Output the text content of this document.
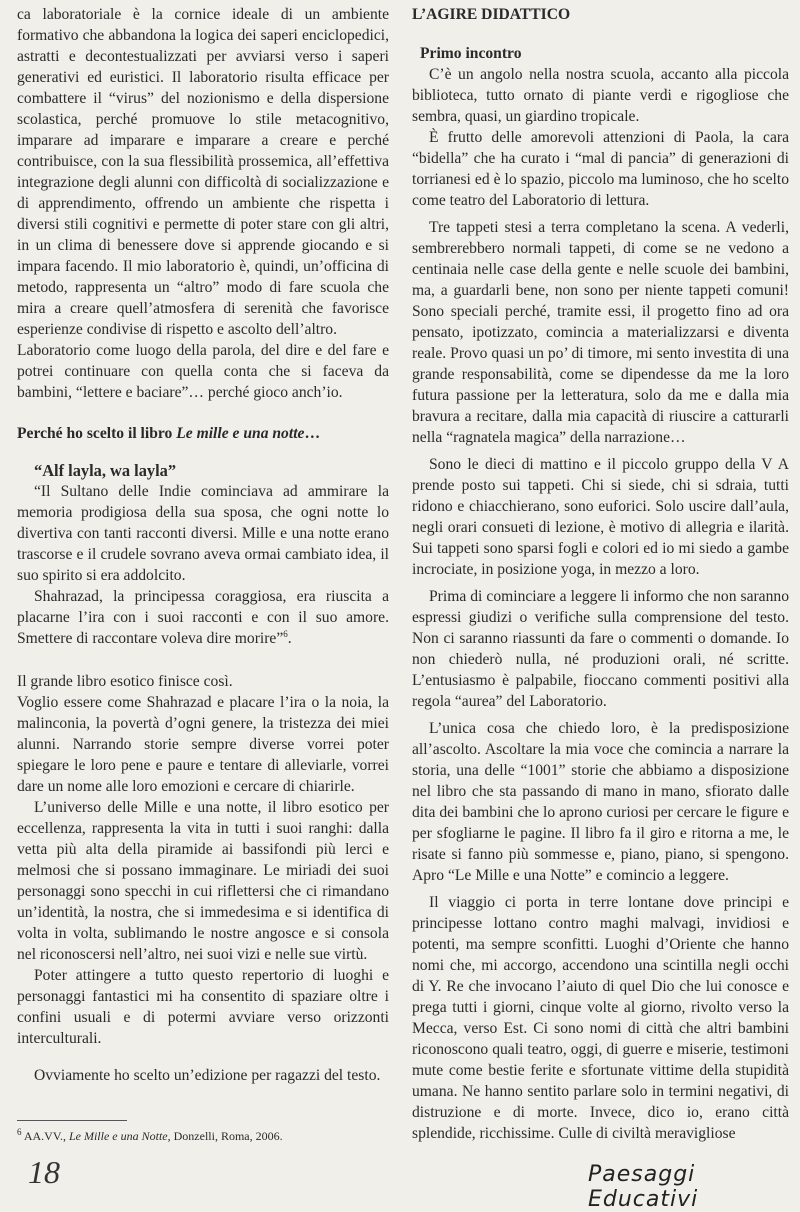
ca laboratoriale è la cornice ideale di un ambiente formativo che abbandona la logica dei saperi enciclopedici, astratti e decontestualizzati per avviarsi verso i saperi generativi ed euristici. Il laboratorio risulta efficace per combattere il “virus” del nozionismo e della dispersione scolastica, perché promuove lo stile metacognitivo, imparare ad imparare e imparare a creare e perché contribuisce, con la sua flessibilità prossemica, all’effettiva integrazione degli alunni con difficoltà di socializzazione e di apprendimento, offrendo un ambiente che rispetta i diversi stili cognitivi e permette di poter stare con gli altri, in un clima di benessere dove si apprende giocando e si impara facendo. Il mio laboratorio è, quindi, un’officina di metodo, rappresenta un “altro” modo di fare scuola che mira a creare quell’atmosfera di serenità che favorisce esperienze condivise di rispetto e ascolto dell’altro.

Laboratorio come luogo della parola, del dire e del fare e potrei continuare con quella conta che si faceva da bambini, “lettere e baciare”… perché gioco anch’io.

Perché ho scelto il libro Le mille e una notte…

“Alf layla, wa layla”

“Il Sultano delle Indie cominciava ad ammirare la memoria prodigiosa della sua sposa, che ogni notte lo divertiva con tanti racconti diversi. Mille e una notte erano trascorse e il crudele sovrano aveva ormai cambiato idea, il suo spirito si era addolcito.

Shahrazad, la principessa coraggiosa, era riuscita a placarne l’ira con i suoi racconti e con il suo amore. Smettere di raccontare voleva dire morire”$^6$.

Il grande libro esotico finisce così.

Voglio essere come Shahrazad e placare l’ira o la noia, la malinconia, la povertà d’ogni genere, la tristezza dei miei alunni. Narrando storie sempre diverse vorrei poter spiegare le loro pene e paure e tentare di alleviarle, vorrei dare un nome alle loro emozioni e cercare di chiarirle.

L’universo delle Mille e una notte, il libro esotico per eccellenza, rappresenta la vita in tutti i suoi ranghi: dalla vetta più alta della piramide ai bassifondi più lerci e melmosi che si possano immaginare. Le miriadi dei suoi personaggi sono specchi in cui riflettersi che ci rimandano un’identità, la nostra, che si immedesima e si identifica di volta in volta, sublimando le nostre angosce e si consola nel riconoscersi nell’altro, nei suoi vizi e nelle sue virtù.

Poter attingere a tutto questo repertorio di luoghi e personaggi fantastici mi ha consentito di spaziare oltre i confini usuali e di potermi avviare verso orizzonti interculturali.

Ovviamente ho scelto un’edizione per ragazzi del testo.

L’AGIRE DIDATTICO

Primo incontro

C’è un angolo nella nostra scuola, accanto alla piccola biblioteca, tutto ornato di piante verdi e rigogliose che sembra, quasi, un giardino tropicale.

È frutto delle amorevoli attenzioni di Paola, la cara “bidella” che ha curato i “mal di pancia” di generazioni di torrianesi ed è lo spazio, piccolo ma luminoso, che ho scelto come teatro del Laboratorio di lettura.

Tre tappeti stesi a terra completano la scena. A vederli, sembrerebbero normali tappeti, di come se ne vedono a centinaia nelle case della gente e nelle scuole dei bambini, ma, a guardarli bene, non sono per niente tappeti comuni! Sono speciali perché, tramite essi, il progetto fino ad ora pensato, ipotizzato, comincia a materializzarsi e diventa reale. Provo quasi un po’ di timore, mi sento investita di una grande responsabilità, come se dipendesse da me la loro futura passione per la letteratura, solo da me e dalla mia bravura a recitare, dalla mia capacità di riuscire a catturarli nella “ragnatela magica” della narrazione…

Sono le dieci di mattino e il piccolo gruppo della V A prende posto sui tappeti. Chi si siede, chi si sdraia, tutti ridono e chiacchierano, sono euforici. Solo uscire dall’aula, negli orari consueti di lezione, è motivo di allegria e ilarità. Sui tappeti sono sparsi fogli e colori ed io mi siedo a gambe incrociate, in posizione yoga, in mezzo a loro.

Prima di cominciare a leggere li informo che non saranno espressi giudizi o verifiche sulla comprensione del testo. Non ci saranno riassunti da fare o commenti o domande. Io non chiederò nulla, né produzioni orali, né scritte. L’entusiasmo è palpabile, fioccano commenti positivi alla regola “aurea” del Laboratorio.

L’unica cosa che chiedo loro, è la predisposizione all’ascolto. Ascoltare la mia voce che comincia a narrare la storia, una delle “1001” storie che abbiamo a disposizione nel libro che sta passando di mano in mano, sfiorato dalle dita dei bambini che lo aprono curiosi per cercare le figure e per sfogliarne le pagine. Il libro fa il giro e ritorna a me, le risate si fanno più sommesse e, piano, piano, si spengono. Apro “Le Mille e una Notte” e comincio a leggere.

Il viaggio ci porta in terre lontane dove principi e principesse lottano contro maghi malvagi, invidiosi e potenti, ma sempre sconfitti. Luoghi d’Oriente che hanno nomi che, mi accorgo, accendono una scintilla negli occhi di Y. Re che invocano l’aiuto di quel Dio che lui conosce e prega tutti i giorni, cinque volte al giorno, rivolto verso la Mecca, verso Est. Ci sono nomi di città che altri bambini riconoscono quali teatro, oggi, di guerre e miserie, testimoni mute come bestie ferite e sfortunate vittime della stupidità umana. Ne hanno sentito parlare solo in termini negativi, di distruzione e di morte. Invece, dico io, erano città splendide, ricchissime. Culle di civiltà meravigliose

$^6$ AA.VV., Le Mille e una Notte, Donzelli, Roma, 2006.
18	Paesaggi Educativi
